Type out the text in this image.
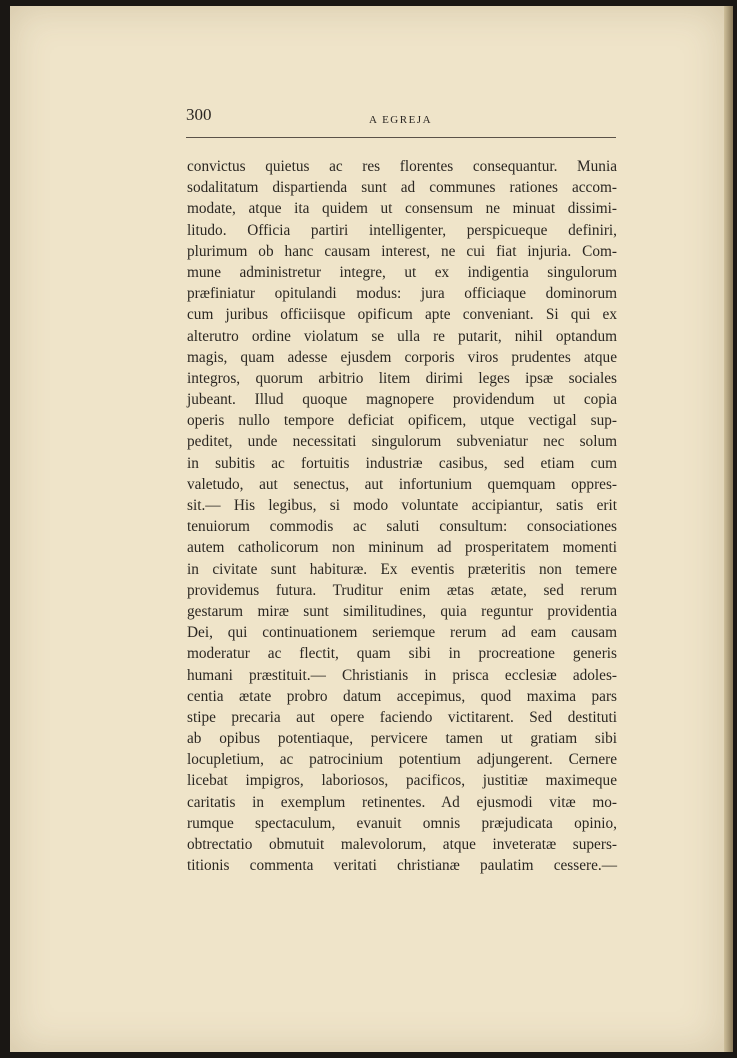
300	A EGREJA
convictus quietus ac res florentes consequantur. Munia
sodalitatum dispartienda sunt ad communes rationes accom-
modate, atque ita quidem ut consensum ne minuat dissimi-
litudo. Officia partiri intelligenter, perspicueque definiri,
plurimum ob hanc causam interest, ne cui fiat injuria. Com-
mune administretur integre, ut ex indigentia singulorum
præfiniatur opitulandi modus: jura officiaque dominorum
cum juribus officiisque opificum apte conveniant. Si qui ex
alterutro ordine violatum se ulla re putarit, nihil optandum
magis, quam adesse ejusdem corporis viros prudentes atque
integros, quorum arbitrio litem dirimi leges ipsæ sociales
jubeant. Illud quoque magnopere providendum ut copia
operis nullo tempore deficiat opificem, utque vectigal sup-
peditet, unde necessitati singulorum subveniatur nec solum
in subitis ac fortuitis industriæ casibus, sed etiam cum
valetudo, aut senectus, aut infortunium quemquam oppres-
sit.— His legibus, si modo voluntate accipiantur, satis erit
tenuiorum commodis ac saluti consultum: consociationes
autem catholicorum non mininum ad prosperitatem momenti
in civitate sunt habituræ. Ex eventis præteritis non temere
providemus futura. Truditur enim ætas ætate, sed rerum
gestarum miræ sunt similitudines, quia reguntur providentia
Dei, qui continuationem seriemque rerum ad eam causam
moderatur ac flectit, quam sibi in procreatione generis
humani præstituit.— Christianis in prisca ecclesiæ adoles-
centia ætate probro datum accepimus, quod maxima pars
stipe precaria aut opere faciendo victitarent. Sed destituti
ab opibus potentiaque, pervicere tamen ut gratiam sibi
locupletium, ac patrocinium potentium adjungerent. Cernere
licebat impigros, laboriosos, pacificos, justitiæ maximeque
caritatis in exemplum retinentes. Ad ejusmodi vitæ mo-
rumque spectaculum, evanuit omnis præjudicata opinio,
obtrectatio obmutuit malevolorum, atque inveteratæ supers-
titionis commenta veritati christianæ paulatim cessere.—
